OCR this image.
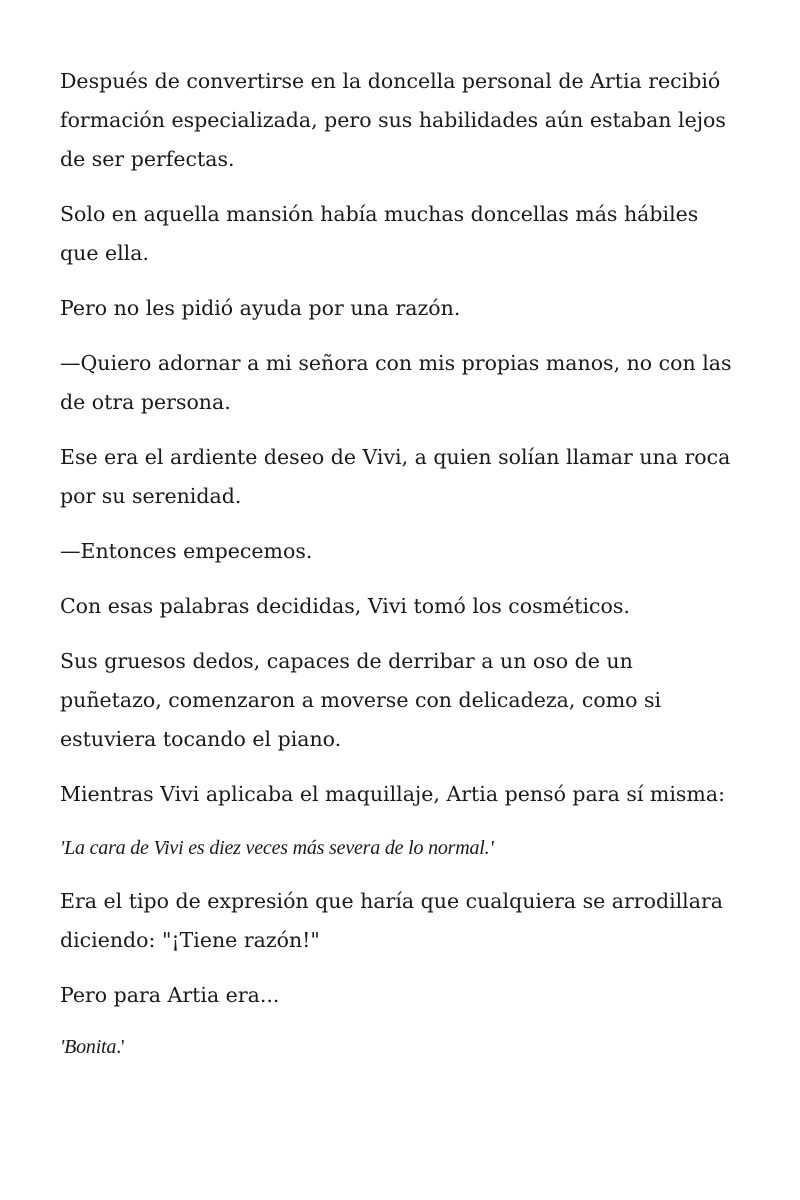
Después de convertirse en la doncella personal de Artia recibió formación especializada, pero sus habilidades aún estaban lejos de ser perfectas.

Solo en aquella mansión había muchas doncellas más hábiles que ella.

Pero no les pidió ayuda por una razón.

—Quiero adornar a mi señora con mis propias manos, no con las de otra persona.

Ese era el ardiente deseo de Vivi, a quien solían llamar una roca por su serenidad.

—Entonces empecemos.

Con esas palabras decididas, Vivi tomó los cosméticos.

Sus gruesos dedos, capaces de derribar a un oso de un puñetazo, comenzaron a moverse con delicadeza, como si estuviera tocando el piano.

Mientras Vivi aplicaba el maquillaje, Artia pensó para sí misma:

'La cara de Vivi es diez veces más severa de lo normal.'

Era el tipo de expresión que haría que cualquiera se arrodillara diciendo: "¡Tiene razón!"

Pero para Artia era...

'Bonita.'
